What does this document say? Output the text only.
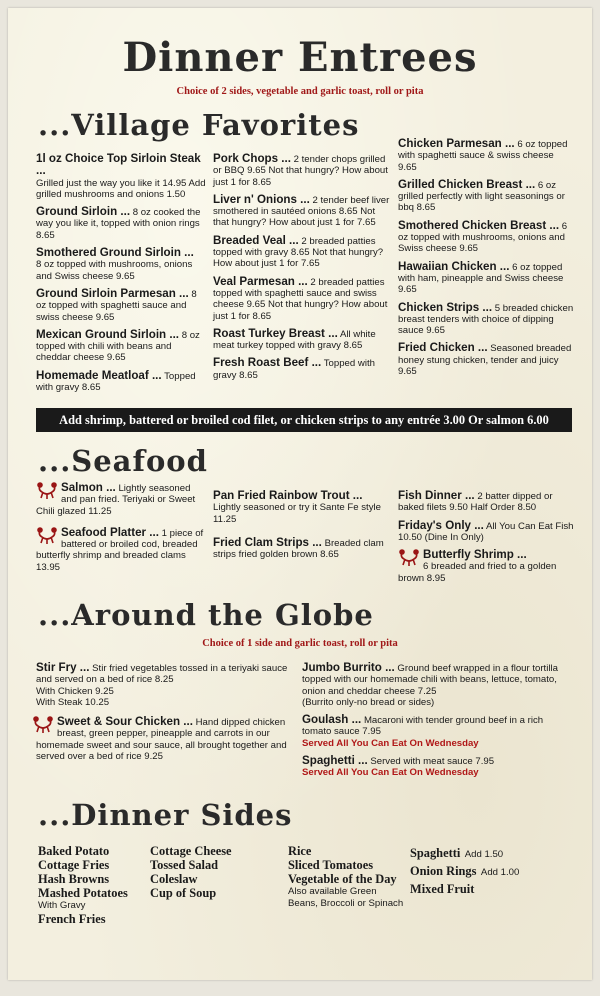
Dinner Entrees
Choice of 2 sides, vegetable and garlic toast, roll or pita
...Village Favorites
1l oz Choice Top Sirloin Steak ...
Grilled just the way you like it 14.95 Add grilled mushrooms and onions 1.50
Ground Sirloin ... 8 oz cooked the way you like it, topped with onion rings 8.65
Smothered Ground Sirloin ...
8 oz topped with mushrooms, onions and Swiss cheese 9.65
Ground Sirloin Parmesan ... 8 oz topped with spaghetti sauce and swiss cheese 9.65
Mexican Ground Sirloin ... 8 oz topped with chili with beans and cheddar cheese 9.65
Homemade Meatloaf ... Topped with gravy 8.65
Pork Chops ... 2 tender chops grilled or BBQ 9.65 Not that hungry? How about just 1 for 8.65
Liver n' Onions ... 2 tender beef liver smothered in sautéed onions 8.65 Not that hungry? How about just 1 for 7.65
Breaded Veal ... 2 breaded patties topped with gravy 8.65 Not that hungry? How about just 1 for 7.65
Veal Parmesan ... 2 breaded patties topped with spaghetti sauce and swiss cheese 9.65 Not that hungry? How about just 1 for 8.65
Roast Turkey Breast ... All white meat turkey topped with gravy 8.65
Fresh Roast Beef ... Topped with gravy 8.65
Chicken Parmesan ... 6 oz topped with spaghetti sauce & swiss cheese 9.65
Grilled Chicken Breast ... 6 oz grilled perfectly with light seasonings or bbq 8.65
Smothered Chicken Breast ... 6 oz topped with mushrooms, onions and Swiss cheese 9.65
Hawaiian Chicken ... 6 oz topped with ham, pineapple and Swiss cheese 9.65
Chicken Strips ... 5 breaded chicken breast tenders with choice of dipping sauce 9.65
Fried Chicken ... Seasoned breaded honey stung chicken, tender and juicy 9.65
Add shrimp, battered or broiled cod filet, or chicken strips to any entrée 3.00 Or salmon 6.00
...Seafood
Salmon ... Lightly seasoned and pan fried. Teriyaki or Sweet Chili glazed 11.25
Seafood Platter ... 1 piece of battered or broiled cod, breaded butterfly shrimp and breaded clams 13.95
Pan Fried Rainbow Trout ...
Lightly seasoned or try it Sante Fe style 11.25
Fried Clam Strips ... Breaded clam strips fried golden brown 8.65
Fish Dinner ... 2 batter dipped or baked filets 9.50 Half Order 8.50
Friday's Only ... All You Can Eat Fish 10.50 (Dine In Only)
Butterfly Shrimp ...
6 breaded and fried to a golden brown 8.95
...Around the Globe
Choice of 1 side and garlic toast, roll or pita
Stir Fry ... Stir fried vegetables tossed in a teriyaki sauce and served on a bed of rice 8.25
With Chicken 9.25
With Steak 10.25
Sweet & Sour Chicken ... Hand dipped chicken breast, green pepper, pineapple and carrots in our homemade sweet and sour sauce, all brought together and served over a bed of rice 9.25
Jumbo Burrito ... Ground beef wrapped in a flour tortilla topped with our homemade chili with beans, lettuce, tomato, onion and cheddar cheese 7.25
(Burrito only-no bread or sides)
Goulash ... Macaroni with tender ground beef in a rich tomato sauce 7.95
Served All You Can Eat On Wednesday
Spaghetti ... Served with meat sauce 7.95
Served All You Can Eat On Wednesday
...Dinner Sides
Baked Potato
Cottage Fries
Hash Browns
Mashed Potatoes
With Gravy
French Fries
Cottage Cheese
Tossed Salad
Coleslaw
Cup of Soup
Rice
Sliced Tomatoes
Vegetable of the Day
Also available Green Beans, Broccoli or Spinach
Spaghetti Add 1.50
Onion Rings Add 1.00
Mixed Fruit
